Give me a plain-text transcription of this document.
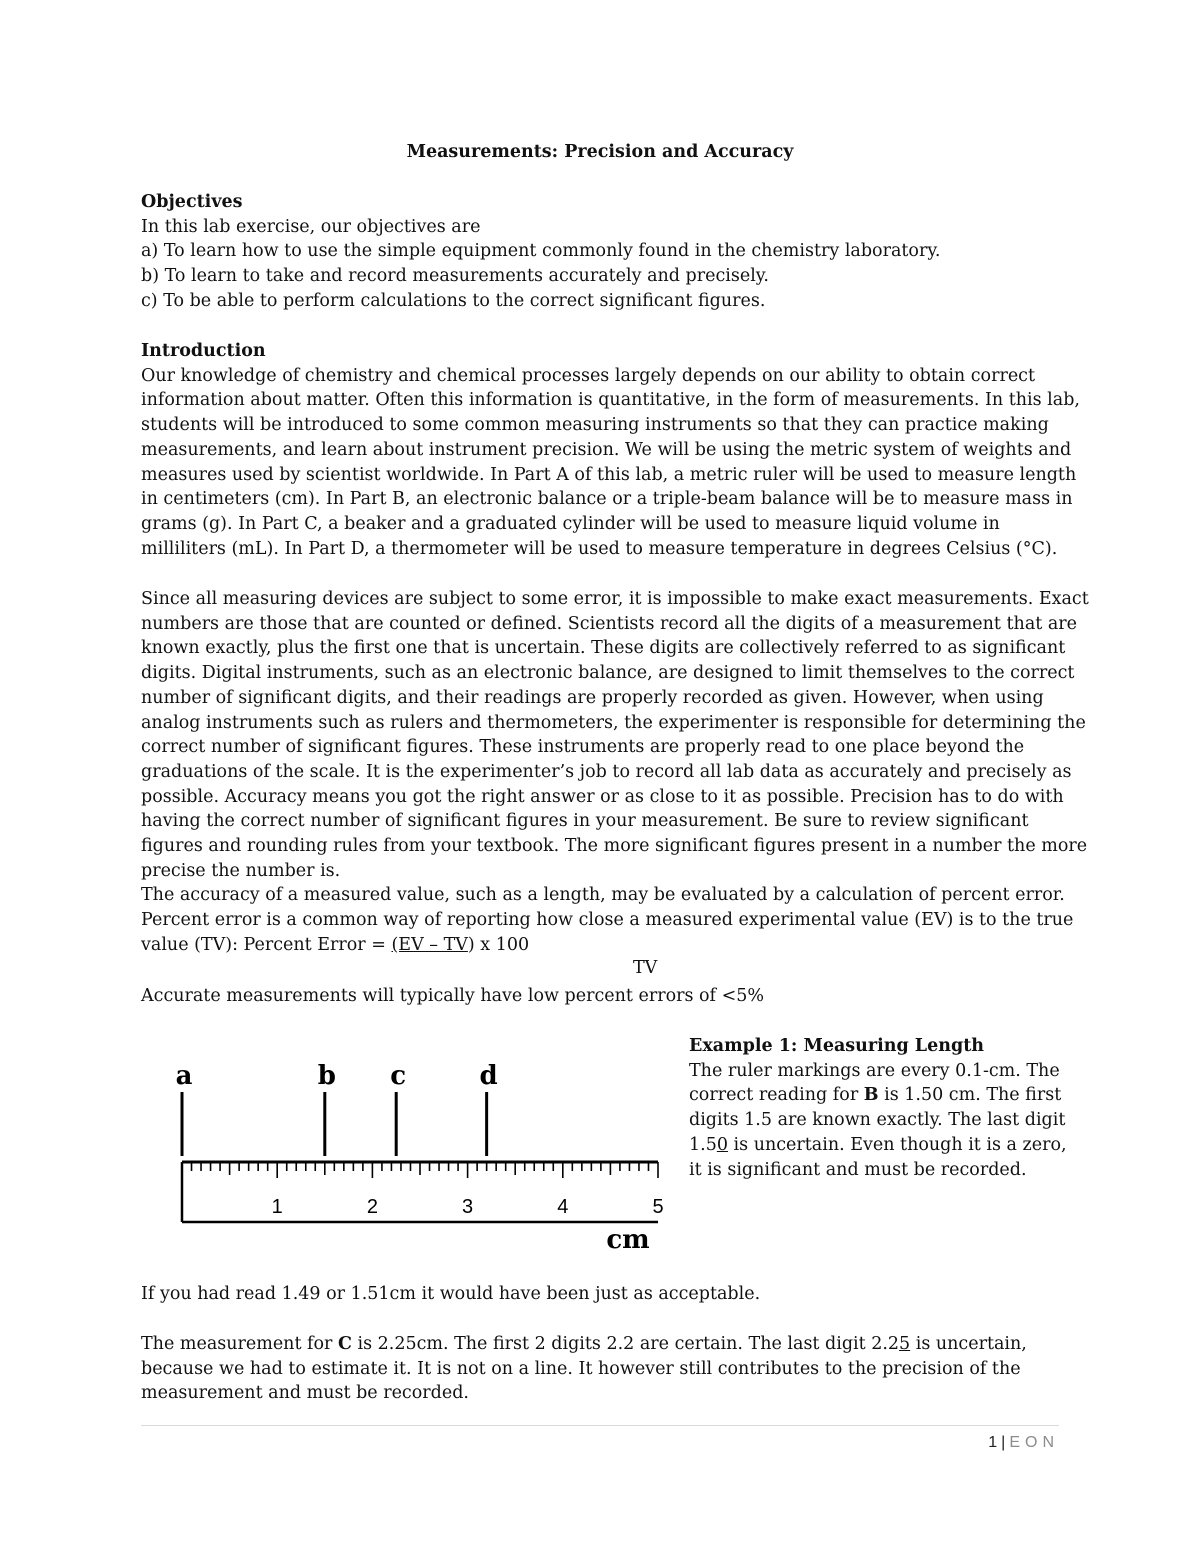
Measurements: Precision and Accuracy
Objectives
In this lab exercise, our objectives are
a) To learn how to use the simple equipment commonly found in the chemistry laboratory.
b) To learn to take and record measurements accurately and precisely.
c) To be able to perform calculations to the correct significant figures.
Introduction
Our knowledge of chemistry and chemical processes largely depends on our ability to obtain correct
information about matter. Often this information is quantitative, in the form of measurements. In this lab,
students will be introduced to some common measuring instruments so that they can practice making
measurements, and learn about instrument precision. We will be using the metric system of weights and
measures used by scientist worldwide. In Part A of this lab, a metric ruler will be used to measure length
in centimeters (cm). In Part B, an electronic balance or a triple-beam balance will be to measure mass in
grams (g). In Part C, a beaker and a graduated cylinder will be used to measure liquid volume in
milliliters (mL). In Part D, a thermometer will be used to measure temperature in degrees Celsius (°C).
Since all measuring devices are subject to some error, it is impossible to make exact measurements. Exact
numbers are those that are counted or defined. Scientists record all the digits of a measurement that are
known exactly, plus the first one that is uncertain. These digits are collectively referred to as significant
digits. Digital instruments, such as an electronic balance, are designed to limit themselves to the correct
number of significant digits, and their readings are properly recorded as given. However, when using
analog instruments such as rulers and thermometers, the experimenter is responsible for determining the
correct number of significant figures. These instruments are properly read to one place beyond the
graduations of the scale. It is the experimenter’s job to record all lab data as accurately and precisely as
possible. Accuracy means you got the right answer or as close to it as possible. Precision has to do with
having the correct number of significant figures in your measurement. Be sure to review significant
figures and rounding rules from your textbook. The more significant figures present in a number the more
precise the number is.
The accuracy of a measured value, such as a length, may be evaluated by a calculation of percent error.
Percent error is a common way of reporting how close a measured experimental value (EV) is to the true
value (TV): Percent Error = (EV – TV) x 100
TV
Accurate measurements will typically have low percent errors of <5%
1	2	3	4	5
cm
a	b c	d
Example 1: Measuring Length
The ruler markings are every 0.1-cm. The
correct reading for B is 1.50 cm. The first
digits 1.5 are known exactly. The last digit
1.50 is uncertain. Even though it is a zero,
it is significant and must be recorded.
If you had read 1.49 or 1.51cm it would have been just as acceptable.
The measurement for C is 2.25cm. The first 2 digits 2.2 are certain. The last digit 2.25 is uncertain,
because we had to estimate it. It is not on a line. It however still contributes to the precision of the
measurement and must be recorded.
1 | EON
